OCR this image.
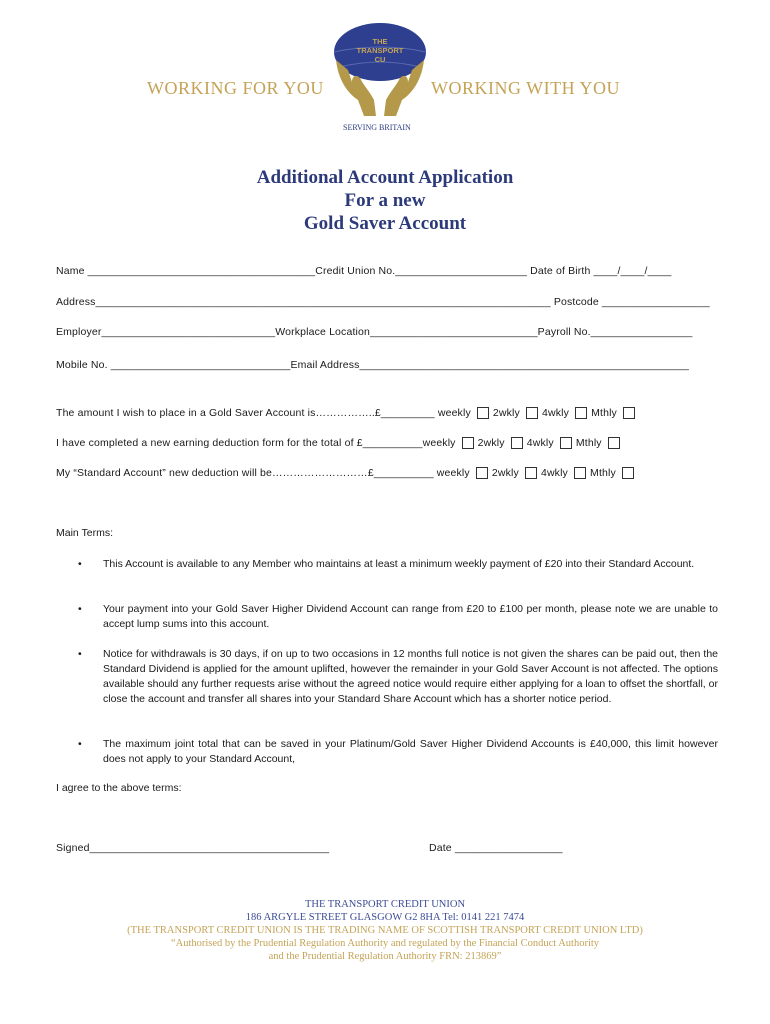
WORKING FOR YOU	WORKING WITH YOU
THE
TRANSPORT
CU
SERVING BRITAIN
Additional Account Application
For a new
Gold Saver Account
Name ______________________________________Credit Union No.______________________ Date of Birth ____/____/____
Address____________________________________________________________________________ Postcode __________________
Employer_____________________________Workplace Location____________________________Payroll No._________________
Mobile No. ______________________________Email Address_______________________________________________________
The amount I wish to place in a Gold Saver Account is……………..£_________ weekly 2wkly 4wkly Mthly
I have completed a new earning deduction form for the total of £__________weekly 2wkly 4wkly Mthly
My “Standard Account” new deduction will be………………………£__________ weekly 2wkly 4wkly Mthly
Main Terms:
• This Account is available to any Member who maintains at least a minimum weekly payment of £20 into their Standard Account.
• Your payment into your Gold Saver Higher Dividend Account can range from £20 to £100 per month, please note we are unable to accept lump sums into this account.
• Notice for withdrawals is 30 days, if on up to two occasions in 12 months full notice is not given the shares can be paid out, then the Standard Dividend is applied for the amount uplifted, however the remainder in your Gold Saver Account is not affected. The options available should any further requests arise without the agreed notice would require either applying for a loan to offset the shortfall, or close the account and transfer all shares into your Standard Share Account which has a shorter notice period.
• The maximum joint total that can be saved in your Platinum/Gold Saver Higher Dividend Accounts is £40,000, this limit however does not apply to your Standard Account,
I agree to the above terms:
Signed________________________________________	Date __________________
THE TRANSPORT CREDIT UNION
186 ARGYLE STREET GLASGOW G2 8HA Tel: 0141 221 7474
(THE TRANSPORT CREDIT UNION IS THE TRADING NAME OF SCOTTISH TRANSPORT CREDIT UNION LTD)
“Authorised by the Prudential Regulation Authority and regulated by the Financial Conduct Authority
and the Prudential Regulation Authority FRN: 213869”
